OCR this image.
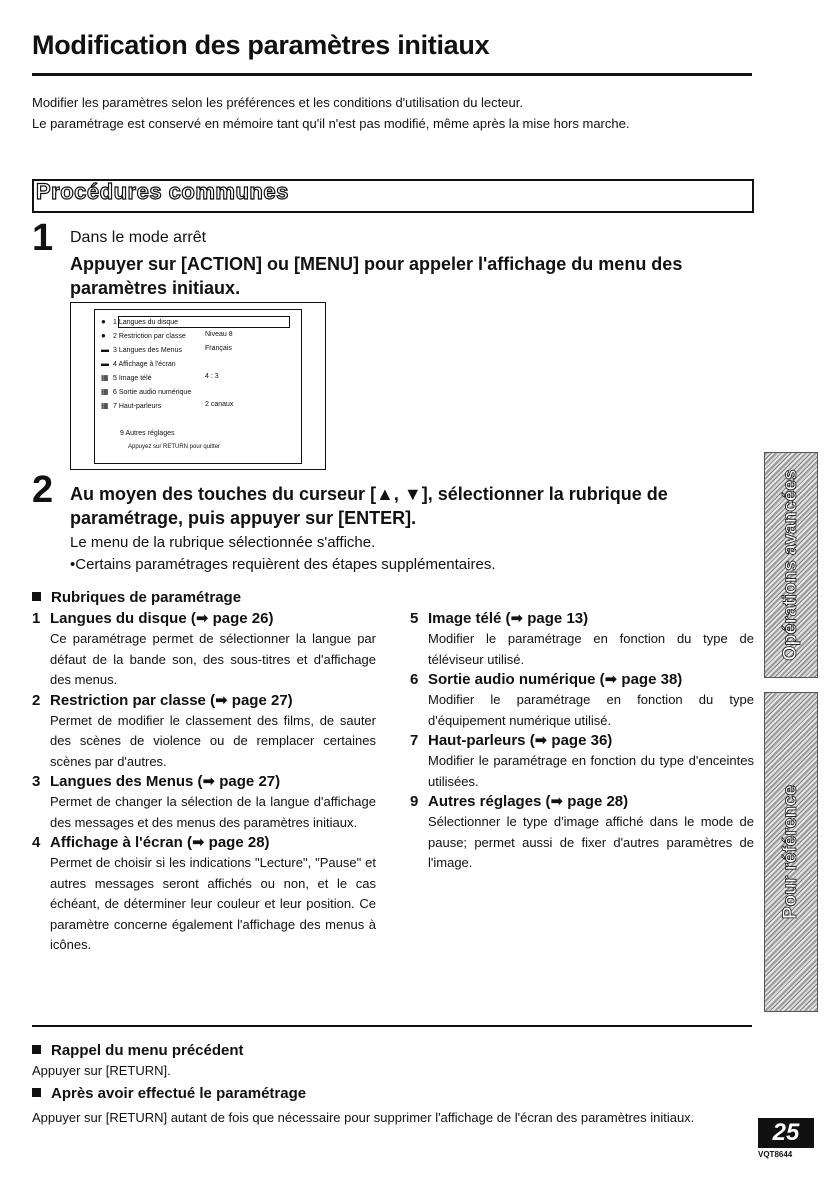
Modification des paramètres initiaux
Modifier les paramètres selon les préférences et les conditions d'utilisation du lecteur.
Le paramétrage est conservé en mémoire tant qu'il n'est pas modifié, même après la mise hors marche.
Procédures communes
1 Dans le mode arrêt
Appuyer sur [ACTION] ou [MENU] pour appeler l'affichage du menu des paramètres initiaux.
● 1 Langues du disque
● 2 Restriction par classe	Niveau 8
▬ 3 Langues des Menus	Français
▬ 4 Affichage à l'écran
▦ 5 Image télé	4 : 3
▦ 6 Sortie audio numérique
▦ 7 Haut-parleurs	2 canaux
9 Autres réglages
Appuyez sur RETURN pour quitter
2 Au moyen des touches du curseur [▲, ▼], sélectionner la rubrique de paramétrage, puis appuyer sur [ENTER].
Le menu de la rubrique sélectionnée s'affiche.
•Certains paramétrages requièrent des étapes supplémentaires.
Rubriques de paramétrage
1 Langues du disque (➡ page 26)
Ce paramétrage permet de sélectionner la langue par défaut de la bande son, des sous-titres et d'affichage des menus.
2 Restriction par classe (➡ page 27)
Permet de modifier le classement des films, de sauter des scènes de violence ou de remplacer certaines scènes par d'autres.
3 Langues des Menus (➡ page 27)
Permet de changer la sélection de la langue d'affichage des messages et des menus des paramètres initiaux.
4 Affichage à l'écran (➡ page 28)
Permet de choisir si les indications "Lecture", "Pause" et autres messages seront affichés ou non, et le cas échéant, de déterminer leur couleur et leur position. Ce paramètre concerne également l'affichage des menus à icônes.
5 Image télé (➡ page 13)
Modifier le paramétrage en fonction du type de téléviseur utilisé.
6 Sortie audio numérique (➡ page 38)
Modifier le paramétrage en fonction du type d'équipement numérique utilisé.
7 Haut-parleurs (➡ page 36)
Modifier le paramétrage en fonction du type d'enceintes utilisées.
9 Autres réglages (➡ page 28)
Sélectionner le type d'image affiché dans le mode de pause; permet aussi de fixer d'autres paramètres de l'image.
Rappel du menu précédent
Appuyer sur [RETURN].
Après avoir effectué le paramétrage
Appuyer sur [RETURN] autant de fois que nécessaire pour supprimer l'affichage de l'écran des paramètres initiaux.
Opérations avancées
Pour référence
25
VQT8644
